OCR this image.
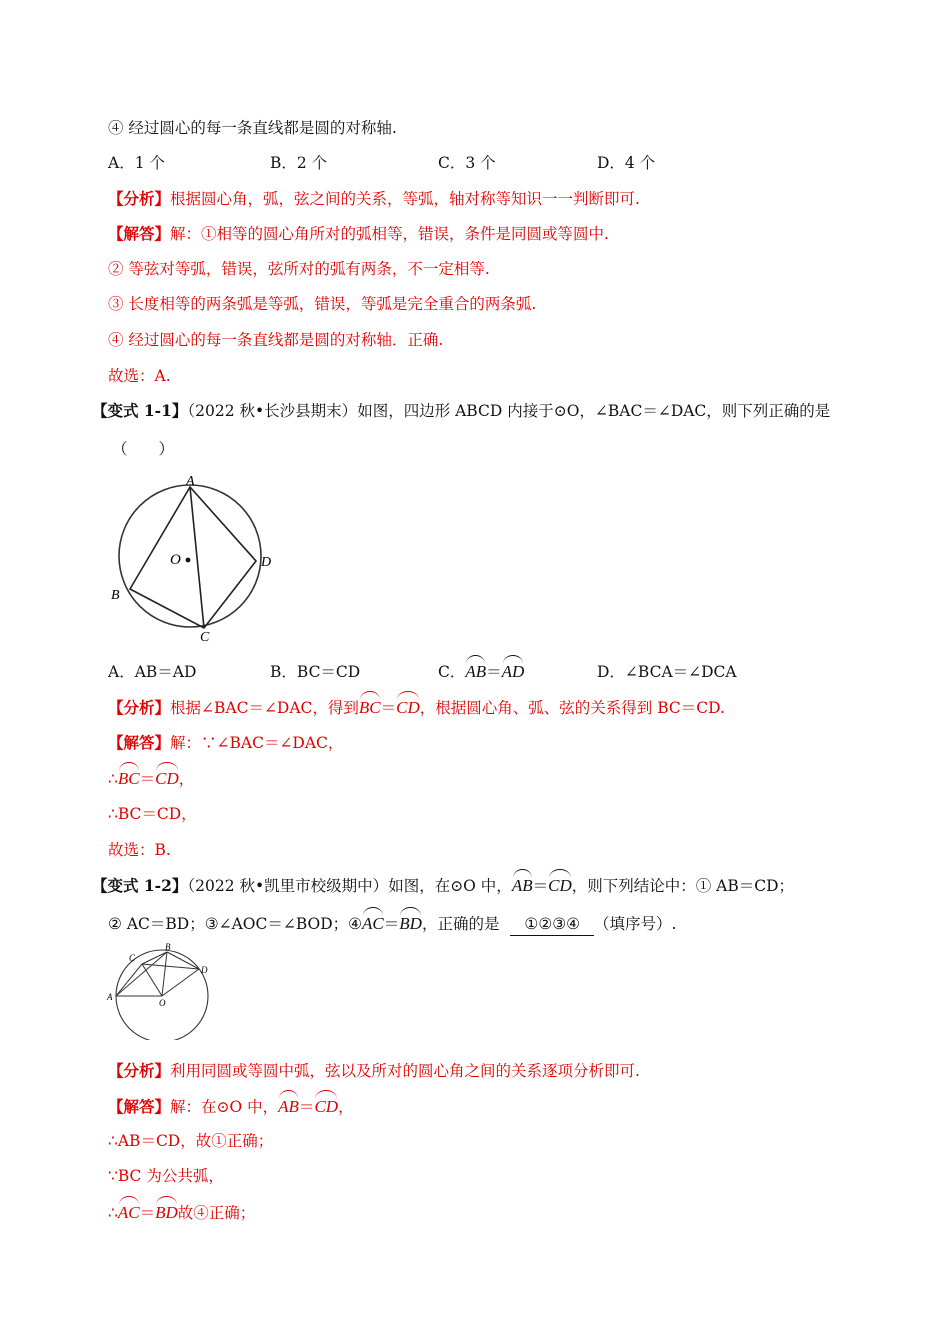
④ 经过圆心的每一条直线都是圆的对称轴.
A．1 个	B．2 个	C．3 个	D．4 个
【分析】根据圆心角，弧，弦之间的关系，等弧，轴对称等知识一一判断即可.
【解答】解：①相等的圆心角所对的弧相等，错误，条件是同圆或等圆中.
② 等弦对等弧，错误，弦所对的弧有两条，不一定相等.
③ 长度相等的两条弧是等弧，错误，等弧是完全重合的两条弧.
④ 经过圆心的每一条直线都是圆的对称轴．正确.
故选：A.
【变式 1-1】（2022 秋•长沙县期末）如图，四边形 ABCD 内接于⊙O，∠BAC＝∠DAC，则下列正确的是
（　　）
A
B
C
D
O
A．AB＝AD	B．BC＝CD	C．AB＝AD	D．∠BCA＝∠DCA
【分析】根据∠BAC＝∠DAC，得到BC＝CD，根据圆心角、弧、弦的关系得到 BC＝CD.
【解答】解：∵∠BAC＝∠DAC，
∴BC＝CD，
∴BC＝CD，
故选：B.
【变式 1-2】（2022 秋•凯里市校级期中）如图，在⊙O 中，AB＝CD，则下列结论中：① AB＝CD；
② AC＝BD；③∠AOC＝∠BOD；④AC＝BD，正确的是 ①②③④ （填序号）.
A
B
C
D
O
【分析】利用同圆或等圆中弧，弦以及所对的圆心角之间的关系逐项分析即可.
【解答】解：在⊙O 中，AB＝CD，
∴AB＝CD，故①正确；
∵BC 为公共弧，
∴AC＝BD故④正确；
